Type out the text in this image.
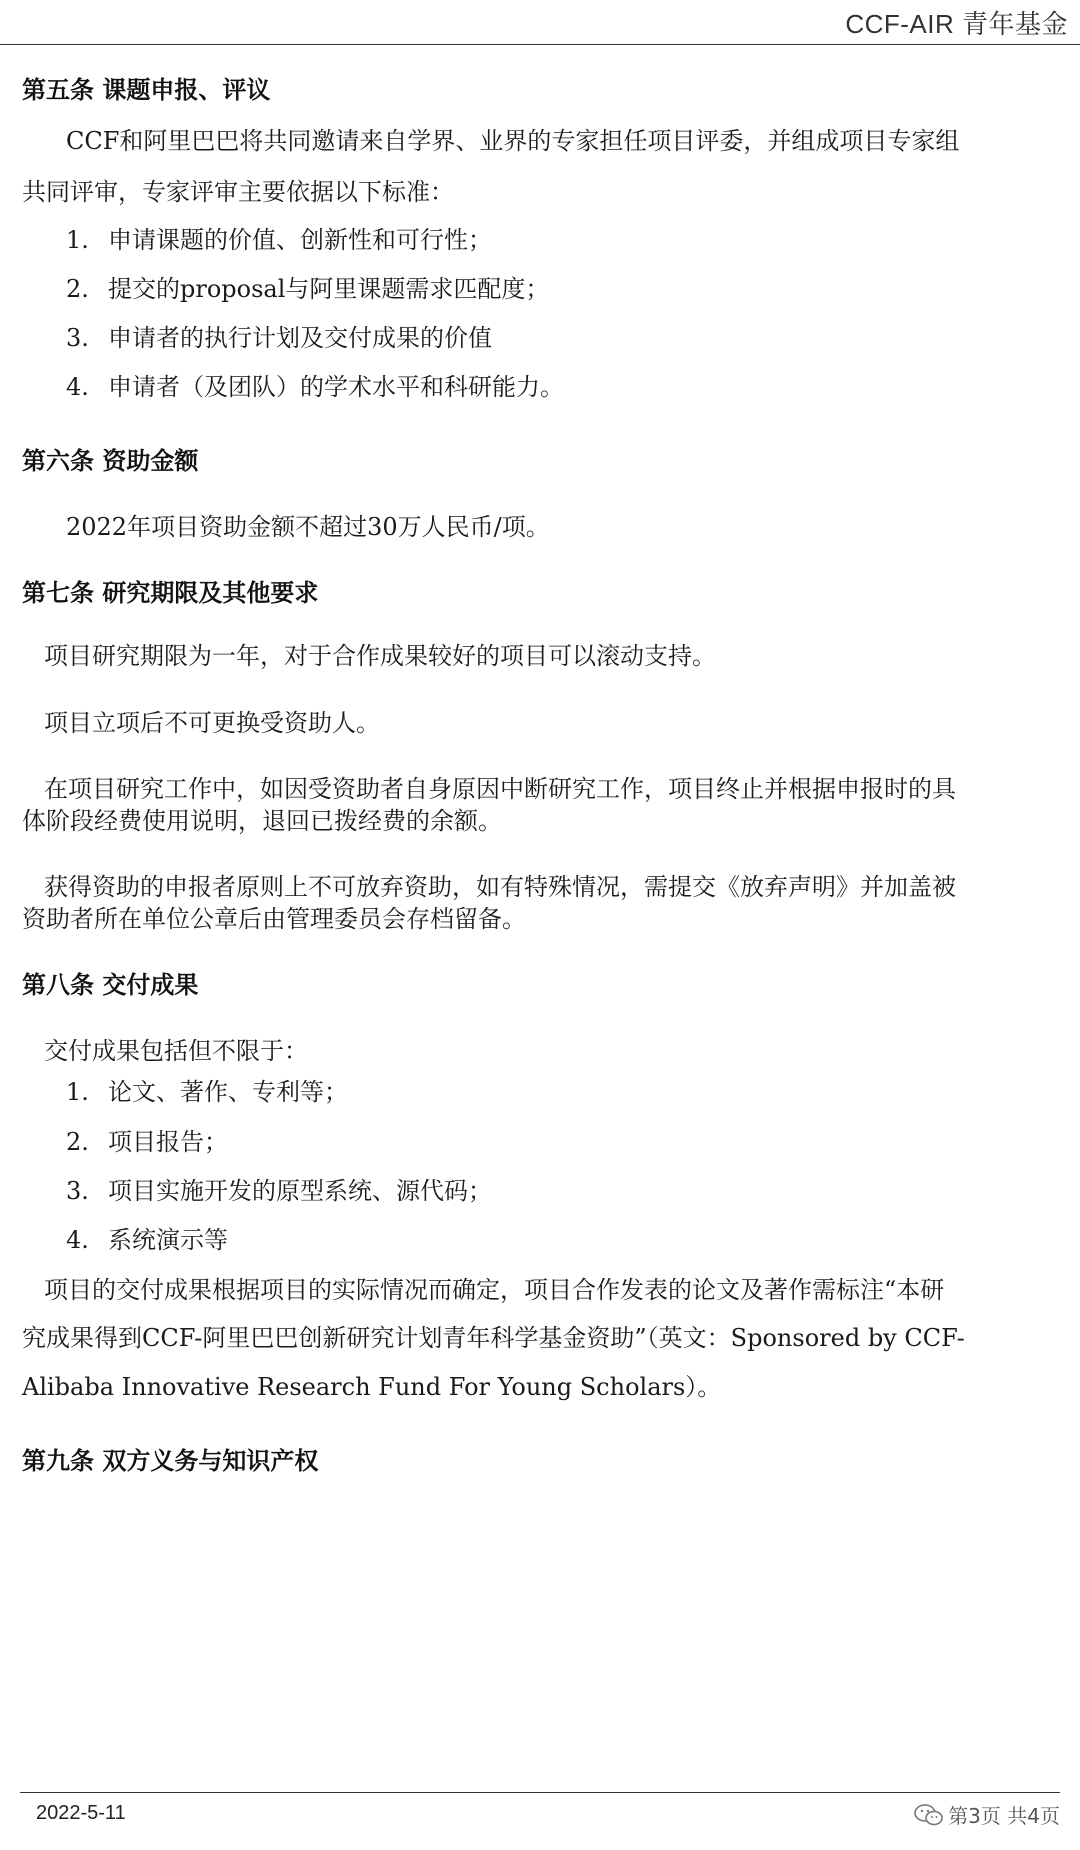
CCF-AIR 青年基金
第五条 课题申报、评议
CCF和阿里巴巴将共同邀请来自学界、业界的专家担任项目评委，并组成项目专家组
共同评审，专家评审主要依据以下标准：
1. 申请课题的价值、创新性和可行性；
2. 提交的proposal与阿里课题需求匹配度；
3. 申请者的执行计划及交付成果的价值
4. 申请者（及团队）的学术水平和科研能力。
第六条 资助金额
2022年项目资助金额不超过30万人民币/项。
第七条 研究期限及其他要求
项目研究期限为一年，对于合作成果较好的项目可以滚动支持。
项目立项后不可更换受资助人。
在项目研究工作中，如因受资助者自身原因中断研究工作，项目终止并根据申报时的具
体阶段经费使用说明，退回已拨经费的余额。
获得资助的申报者原则上不可放弃资助，如有特殊情况，需提交《放弃声明》并加盖被
资助者所在单位公章后由管理委员会存档留备。
第八条 交付成果
交付成果包括但不限于：
1. 论文、著作、专利等；
2. 项目报告；
3. 项目实施开发的原型系统、源代码；
4. 系统演示等
项目的交付成果根据项目的实际情况而确定，项目合作发表的论文及著作需标注“本研
究成果得到CCF-阿里巴巴创新研究计划青年科学基金资助”（英文：Sponsored by CCF-
Alibaba Innovative Research Fund For Young Scholars）。
第九条 双方义务与知识产权
2022-5-11	第3页 共4页
